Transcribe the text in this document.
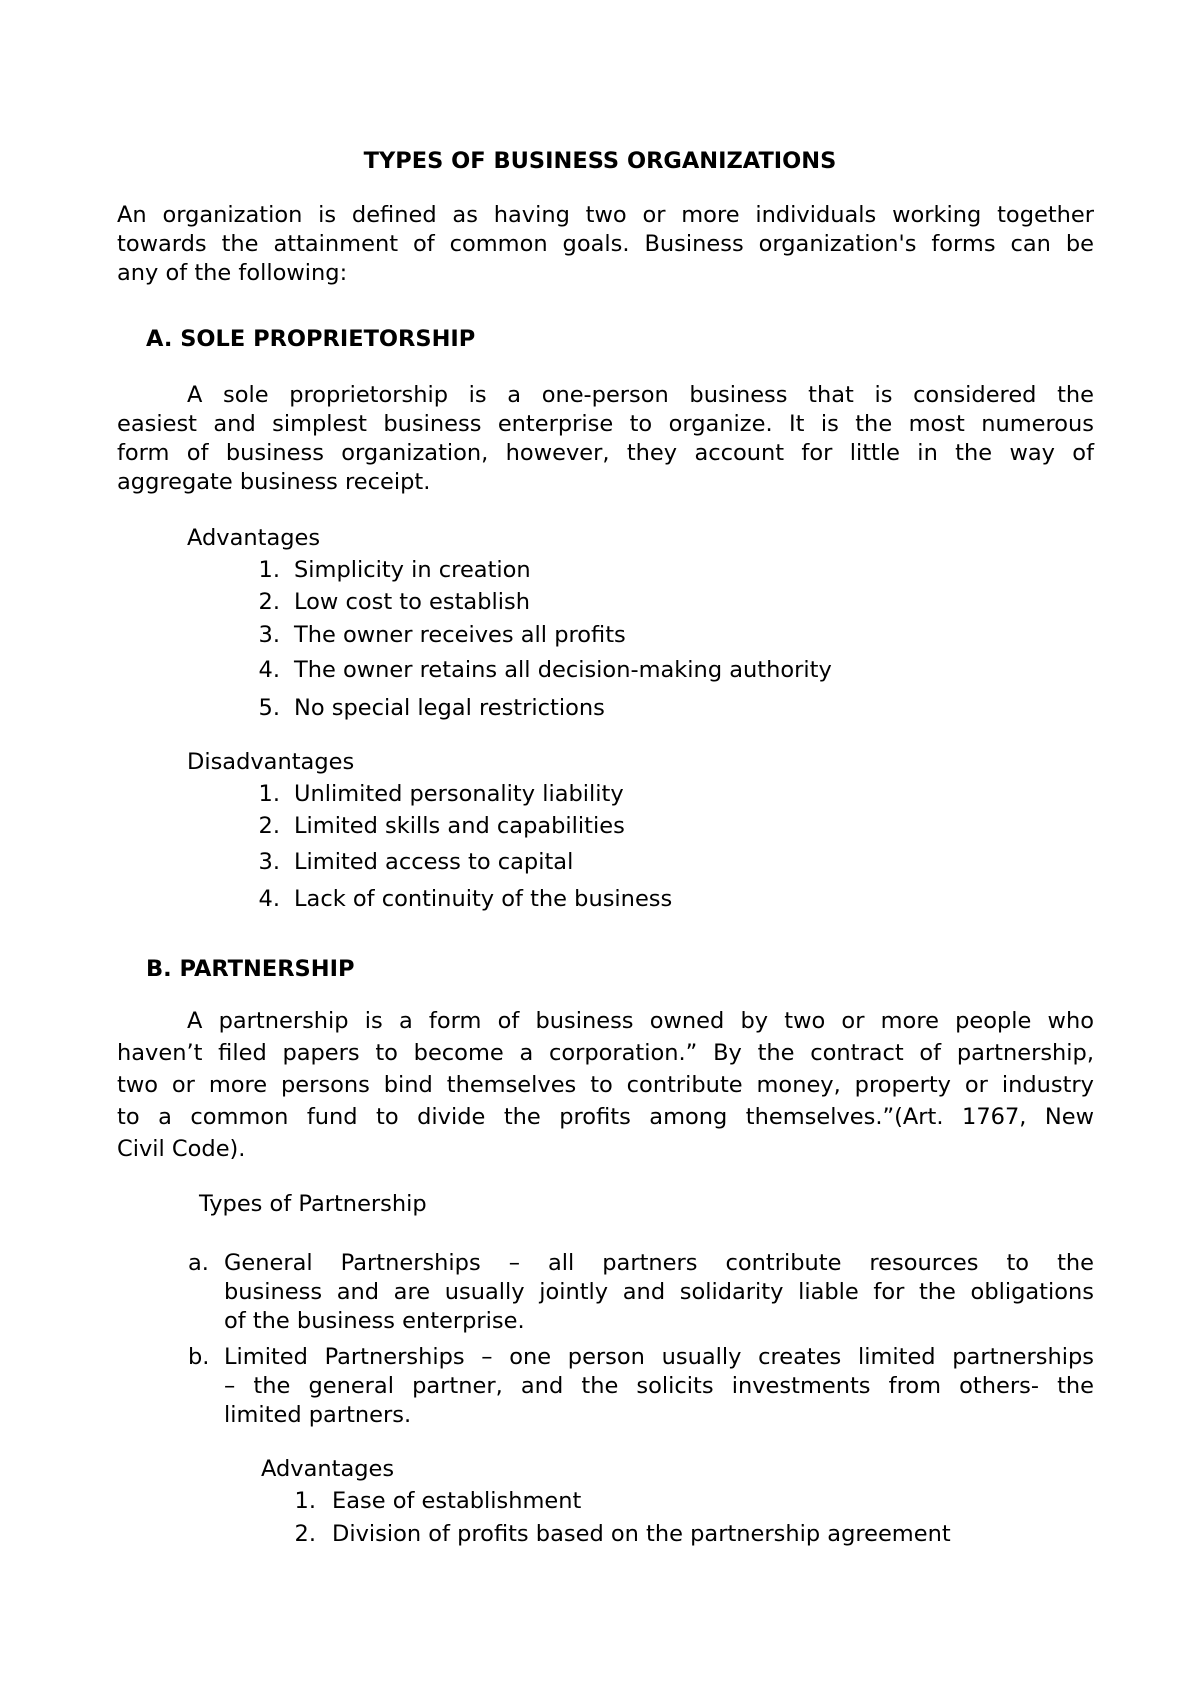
TYPES OF BUSINESS ORGANIZATIONS
An organization is defined as having two or more individuals working together
towards the attainment of common goals. Business organization's forms can be
any of the following:
A. SOLE PROPRIETORSHIP
A sole proprietorship is a one-person business that is considered the
easiest and simplest business enterprise to organize. It is the most numerous
form of business organization, however, they account for little in the way of
aggregate business receipt.
Advantages
1. Simplicity in creation
2. Low cost to establish
3. The owner receives all profits
4. The owner retains all decision-making authority
5. No special legal restrictions
Disadvantages
1. Unlimited personality liability
2. Limited skills and capabilities
3. Limited access to capital
4. Lack of continuity of the business
B. PARTNERSHIP
A partnership is a form of business owned by two or more people who
haven’t filed papers to become a corporation.” By the contract of partnership,
two or more persons bind themselves to contribute money, property or industry
to a common fund to divide the profits among themselves.”(Art. 1767, New
Civil Code).
Types of Partnership
a. General Partnerships – all partners contribute resources to the
business and are usually jointly and solidarity liable for the obligations
of the business enterprise.
b. Limited Partnerships – one person usually creates limited partnerships
– the general partner, and the solicits investments from others- the
limited partners.
Advantages
1. Ease of establishment
2. Division of profits based on the partnership agreement
